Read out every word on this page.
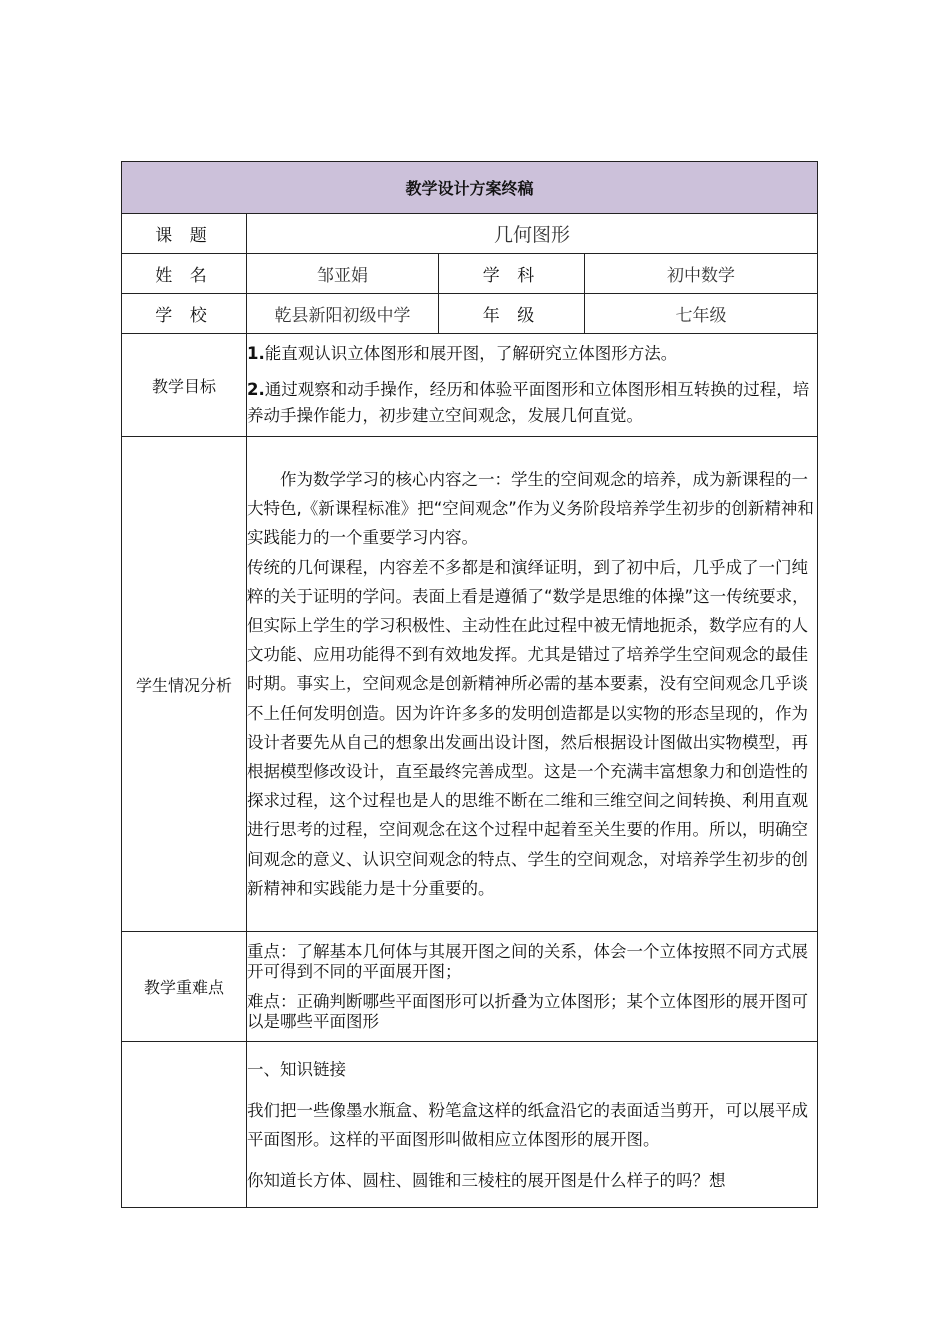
教学设计方案终稿			
课 题	几何图形		
姓 名	邹亚娟	学 科	初中数学
学 校	乾县新阳初级中学	年 级	七年级
教学目标	1.能直观认识立体图形和展开图，了解研究立体图形方法。

2.通过观察和动手操作，经历和体验平面图形和立体图形相互转换的过程，培养动手操作能力，初步建立空间观念，发展几何直觉。		

学生情况分析	作为数学学习的核心内容之一：学生的空间观念的培养，成为新课程的一大特色,《新课程标准》把“空间观念”作为义务阶段培养学生初步的创新精神和实践能力的一个重要学习内容。

传统的几何课程，内容差不多都是和演绎证明，到了初中后，几乎成了一门纯粹的关于证明的学问。表面上看是遵循了“数学是思维的体操”这一传统要求，但实际上学生的学习积极性、主动性在此过程中被无情地扼杀，数学应有的人文功能、应用功能得不到有效地发挥。尤其是错过了培养学生空间观念的最佳时期。事实上，空间观念是创新精神所必需的基本要素，没有空间观念几乎谈不上任何发明创造。因为许许多多的发明创造都是以实物的形态呈现的，作为设计者要先从自己的想象出发画出设计图，然后根据设计图做出实物模型，再根据模型修改设计，直至最终完善成型。这是一个充满丰富想象力和创造性的探求过程，这个过程也是人的思维不断在二维和三维空间之间转换、利用直观进行思考的过程，空间观念在这个过程中起着至关生要的作用。所以，明确空间观念的意义、认识空间观念的特点、学生的空间观念，对培养学生初步的创新精神和实践能力是十分重要的。		

教学重难点	重点：了解基本几何体与其展开图之间的关系，体会一个立体按照不同方式展开可得到不同的平面展开图；

难点：正确判断哪些平面图形可以折叠为立体图形；某个立体图形的展开图可以是哪些平面图形		

	一、知识链接

我们把一些像墨水瓶盒、粉笔盒这样的纸盒沿它的表面适当剪开，可以展平成平面图形。这样的平面图形叫做相应立体图形的展开图。

你知道长方体、圆柱、圆锥和三棱柱的展开图是什么样子的吗？想		
